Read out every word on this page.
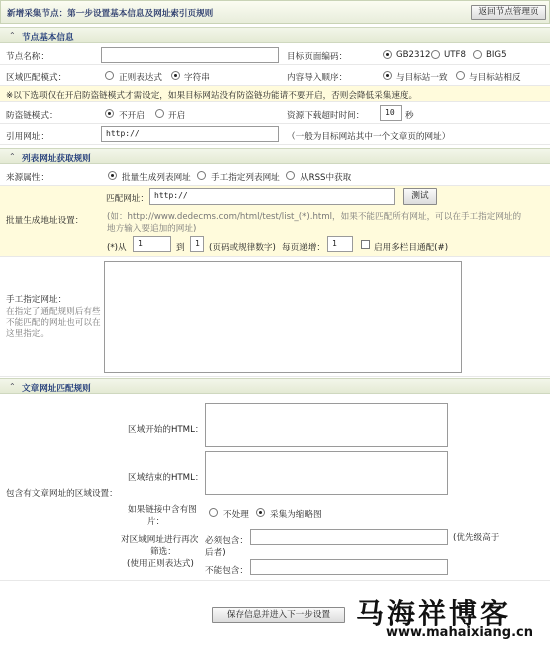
新增采集节点：第一步设置基本信息及网址索引页规则	返回节点管理页
⌃ 节点基本信息
节点名称：	目标页面编码：	GB2312 UTF8 BIG5
区域匹配模式：	正则表达式	字符串	内容导入顺序：	与目标站一致 与目标站相反
※以下选项仅在开启防盗链模式才需设定，如果目标网站没有防盗链功能请不要开启，否则会降低采集速度。
防盗链模式：	不开启	开启	资源下载超时时间：	10	秒
引用网址：	http://	（一般为目标网站其中一个文章页的网址）
⌃ 列表网址获取规则
来源属性：	批量生成列表网址 手工指定列表网址 从RSS中获取
批量生成地址设置：
匹配网址： http://	测试
(如：http://www.dedecms.com/html/test/list_(*).html，如果不能匹配所有网址，可以在手工指定网址的
地方输入要追加的网址)
(*)从	1	到	1	(页码或规律数字) 每页递增： 1	启用多栏目通配(#)
手工指定网址：
在指定了通配规则后有些
不能匹配的网址也可以在
这里指定。
⌃ 文章网址匹配规则
包含有文章网址的区域设置：
区域开始的HTML：
区域结束的HTML：
如果链接中含有图
片：
不处理 采集为缩略图
对区域网址进行再次
筛选：
(使用正则表达式)
必须包含：	(优先级高于
后者)
不能包含：
保存信息并进入下一步设置 马海祥博客
www.mahaixiang.cn
